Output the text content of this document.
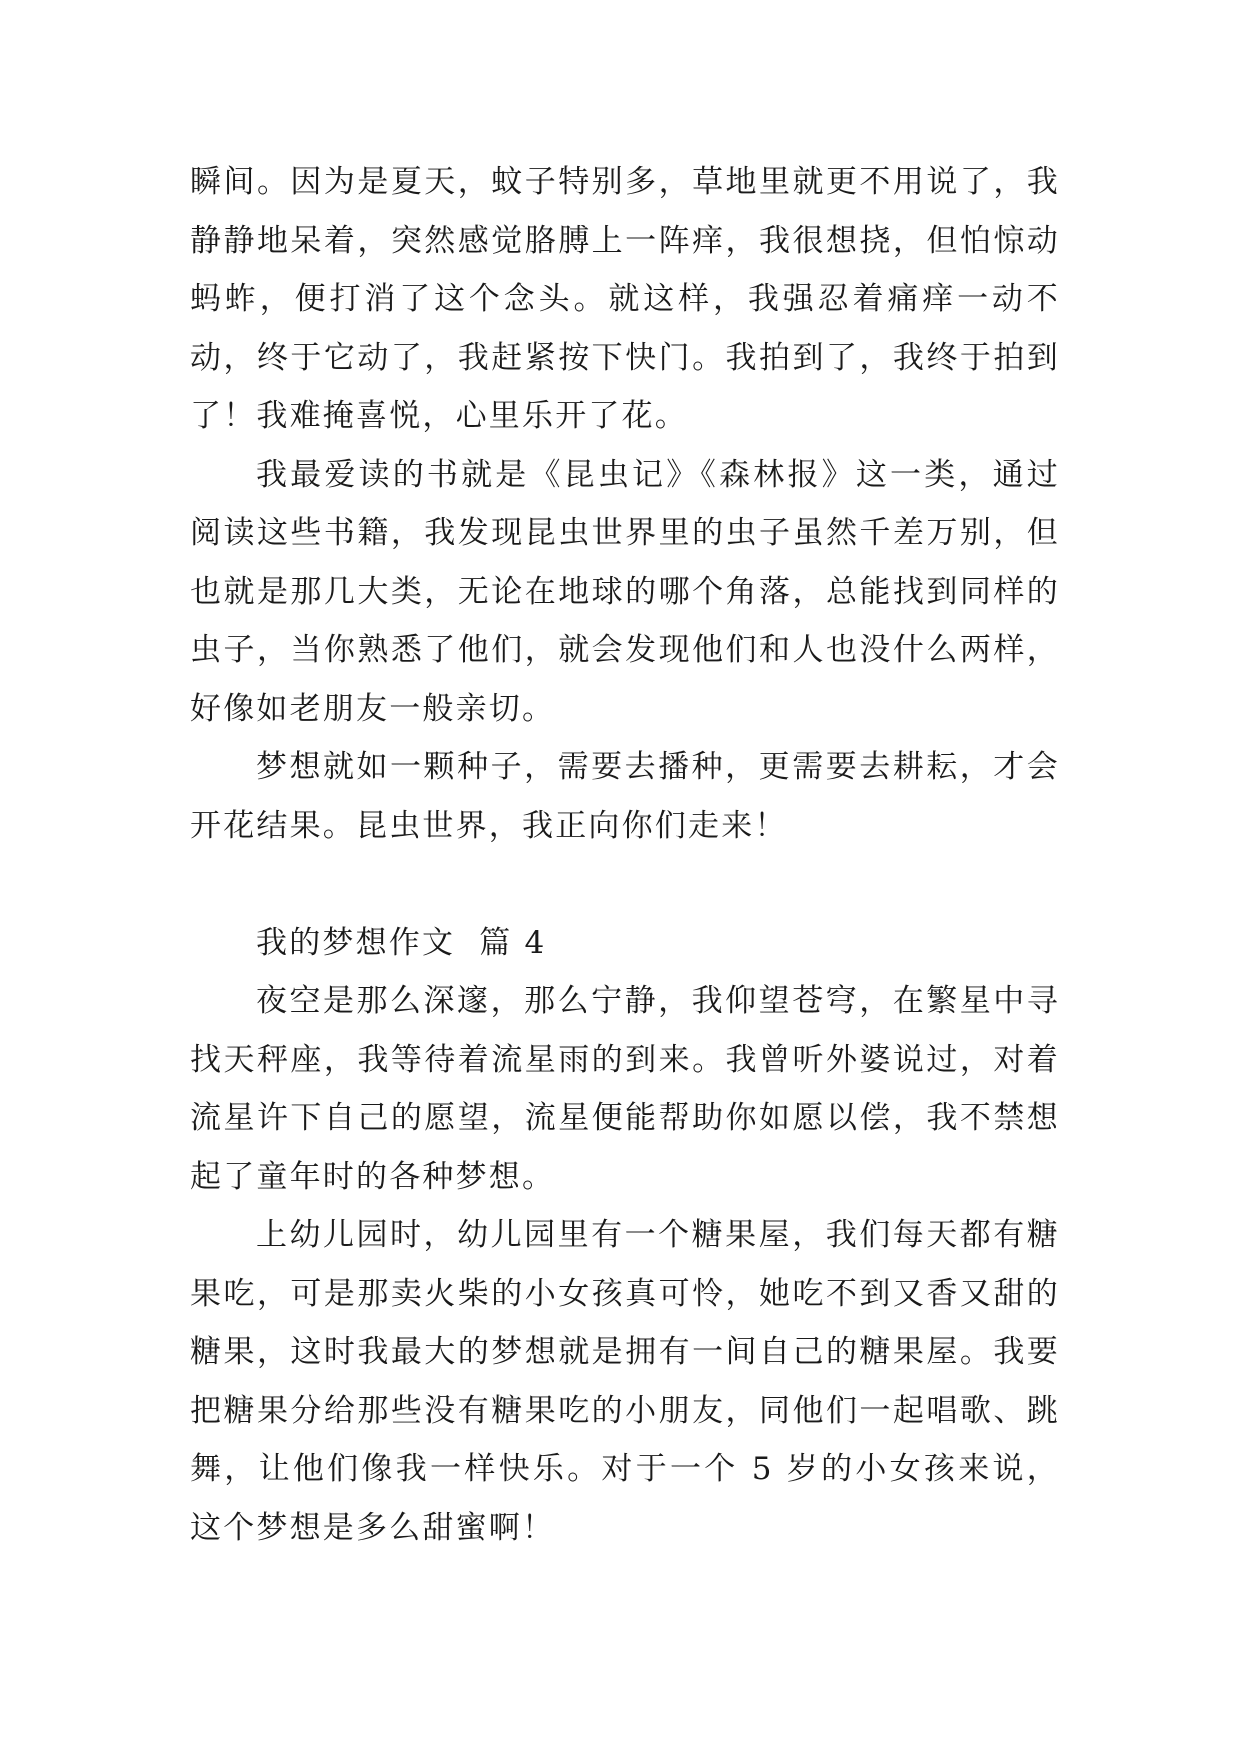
瞬间。因为是夏天，蚊子特别多，草地里就更不用说了，我静静地呆着，突然感觉胳膊上一阵痒，我很想挠，但怕惊动蚂蚱，便打消了这个念头。就这样，我强忍着痛痒一动不动，终于它动了，我赶紧按下快门。我拍到了，我终于拍到了！我难掩喜悦，心里乐开了花。

我最爱读的书就是《昆虫记》《森林报》这一类，通过阅读这些书籍，我发现昆虫世界里的虫子虽然千差万别，但也就是那几大类，无论在地球的哪个角落，总能找到同样的虫子，当你熟悉了他们，就会发现他们和人也没什么两样，好像如老朋友一般亲切。

梦想就如一颗种子，需要去播种，更需要去耕耘，才会开花结果。昆虫世界，我正向你们走来！

我的梦想作文  篇 4

夜空是那么深邃，那么宁静，我仰望苍穹，在繁星中寻找天秤座，我等待着流星雨的到来。我曾听外婆说过，对着流星许下自己的愿望，流星便能帮助你如愿以偿，我不禁想起了童年时的各种梦想。

上幼儿园时，幼儿园里有一个糖果屋，我们每天都有糖果吃，可是那卖火柴的小女孩真可怜，她吃不到又香又甜的糖果，这时我最大的梦想就是拥有一间自己的糖果屋。我要把糖果分给那些没有糖果吃的小朋友，同他们一起唱歌、跳舞，让他们像我一样快乐。对于一个 5 岁的小女孩来说，这个梦想是多么甜蜜啊！
